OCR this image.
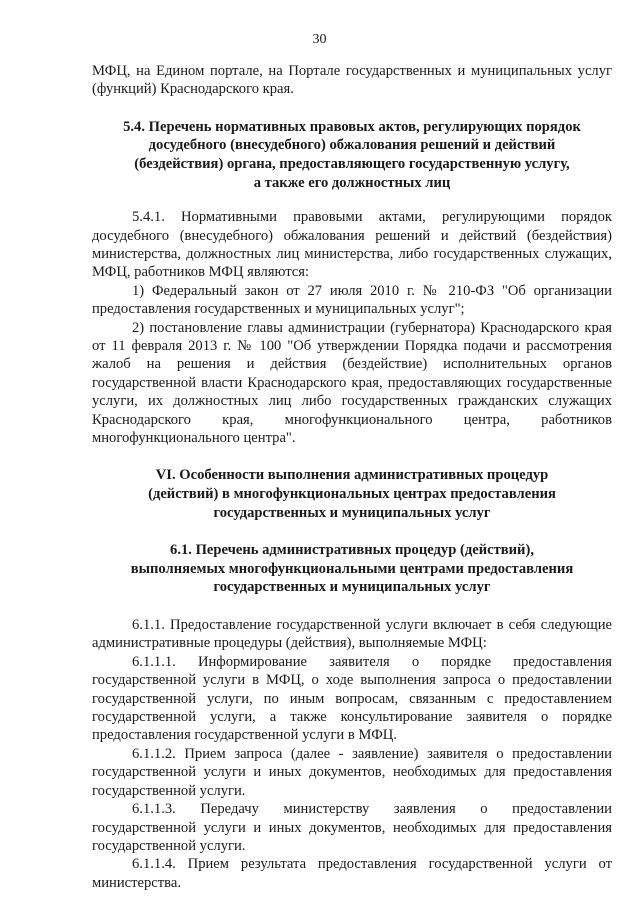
30

МФЦ, на Едином портале, на Портале государственных и муниципальных услуг (функций) Краснодарского края.

5.4. Перечень нормативных правовых актов, регулирующих порядок

досудебного (внесудебного) обжалования решений и действий

(бездействия) органа, предоставляющего государственную услугу,

а также его должностных лиц

5.4.1. Нормативными правовыми актами, регулирующими порядок досудебного (внесудебного) обжалования решений и действий (бездействия) министерства, должностных лиц министерства, либо государственных служащих, МФЦ, работников МФЦ являются:

1) Федеральный закон от 27 июля 2010 г. № 210-ФЗ "Об организации предоставления государственных и муниципальных услуг";

2) постановление главы администрации (губернатора) Краснодарского края от 11 февраля 2013 г. № 100 "Об утверждении Порядка подачи и рассмотрения жалоб на решения и действия (бездействие) исполнительных органов государственной власти Краснодарского края, предоставляющих государственные услуги, их должностных лиц либо государственных гражданских служащих Краснодарского края, многофункционального центра, работников многофункционального центра".

VI. Особенности выполнения административных процедур

(действий) в многофункциональных центрах предоставления

государственных и муниципальных услуг

6.1. Перечень административных процедур (действий),

выполняемых многофункциональными центрами предоставления

государственных и муниципальных услуг

6.1.1. Предоставление государственной услуги включает в себя следующие административные процедуры (действия), выполняемые МФЦ:

6.1.1.1. Информирование заявителя о порядке предоставления государственной услуги в МФЦ, о ходе выполнения запроса о предоставлении государственной услуги, по иным вопросам, связанным с предоставлением государственной услуги, а также консультирование заявителя о порядке предоставления государственной услуги в МФЦ.

6.1.1.2. Прием запроса (далее - заявление) заявителя о предоставлении государственной услуги и иных документов, необходимых для предоставления государственной услуги.

6.1.1.3. Передачу министерству заявления о предоставлении государственной услуги и иных документов, необходимых для предоставления государственной услуги.

6.1.1.4. Прием результата предоставления государственной услуги от министерства.
